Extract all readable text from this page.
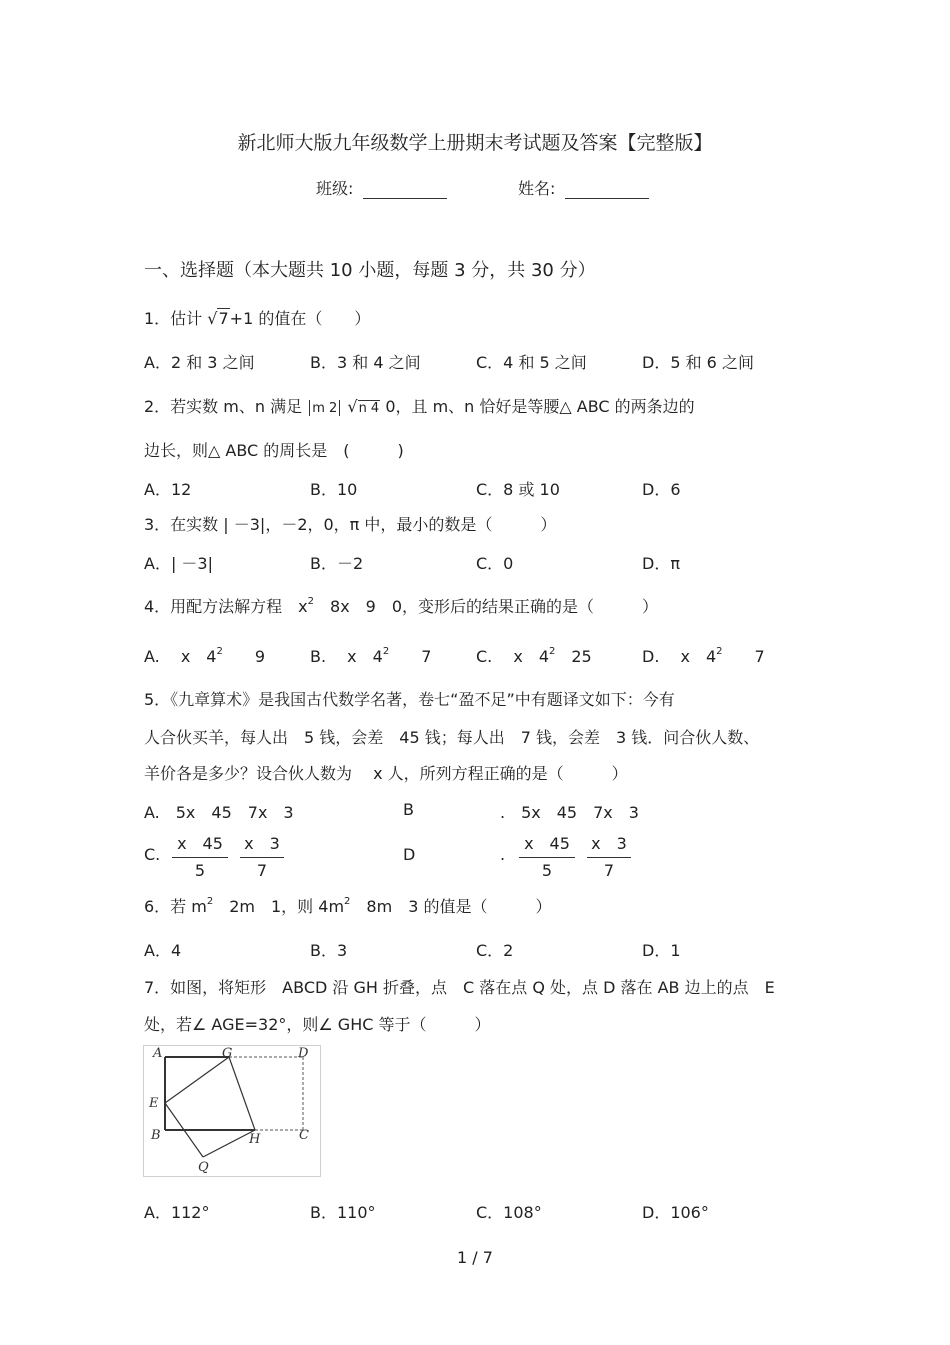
新北师大版九年级数学上册期末考试题及答案【完整版】
班级:	姓名:
一、选择题（本大题共 10 小题，每题 3 分，共 30 分）
1．估计 √7+1 的值在（　　）
A．2 和 3 之间	B．3 和 4 之间	C．4 和 5 之间	D．5 和 6 之间
2．若实数 m、n 满足 m 2 √n 4 0，且 m、n 恰好是等腰△ ABC 的两条边的
边长，则△ ABC 的周长是　(　　　)
A．12	B．10	C．8 或 10	D．6
3．在实数 | －3|，－2，0，π 中，最小的数是（　　　）
A．| －3|	B．－2	C．0	D．π
4．用配方法解方程　$x^2$　8x　9　0，变形后的结果正确的是（　　　）
A.　 x　$4^2$　　9	B.　 x　$4^2$　　7	C.　 x　$4^2$　25	D.　 x　$4^2$　　7
5．《九章算术》是我国古代数学名著，卷七“盈不足”中有题译文如下：今有
人合伙买羊，每人出　5 钱，会差　45 钱；每人出　7 钱，会差　3 钱．问合伙人数、
羊价各是多少？设合伙人数为　 x 人，所列方程正确的是（　　　）
A.　5x　45　7x　3	B	.　5x　45　7x　3
C. $\frac{x 45}{5} \frac{x 3}{7}$	D	. $\frac{x 45}{5} \frac{x 3}{7}$
6．若 $m^2$　2m　1，则 $4m^2$　8m　3 的值是（　　　）
A．4	B．3	C．2	D．1
7．如图，将矩形　ABCD 沿 GH 折叠，点　C 落在点 Q 处，点 D 落在 AB 边上的点　E
处，若∠ AGE=32°，则∠ GHC 等于（　　　）
A	G	D
E
B	H	C
Q
A．112°	B．110°	C．108°	D．106°
1 / 7
